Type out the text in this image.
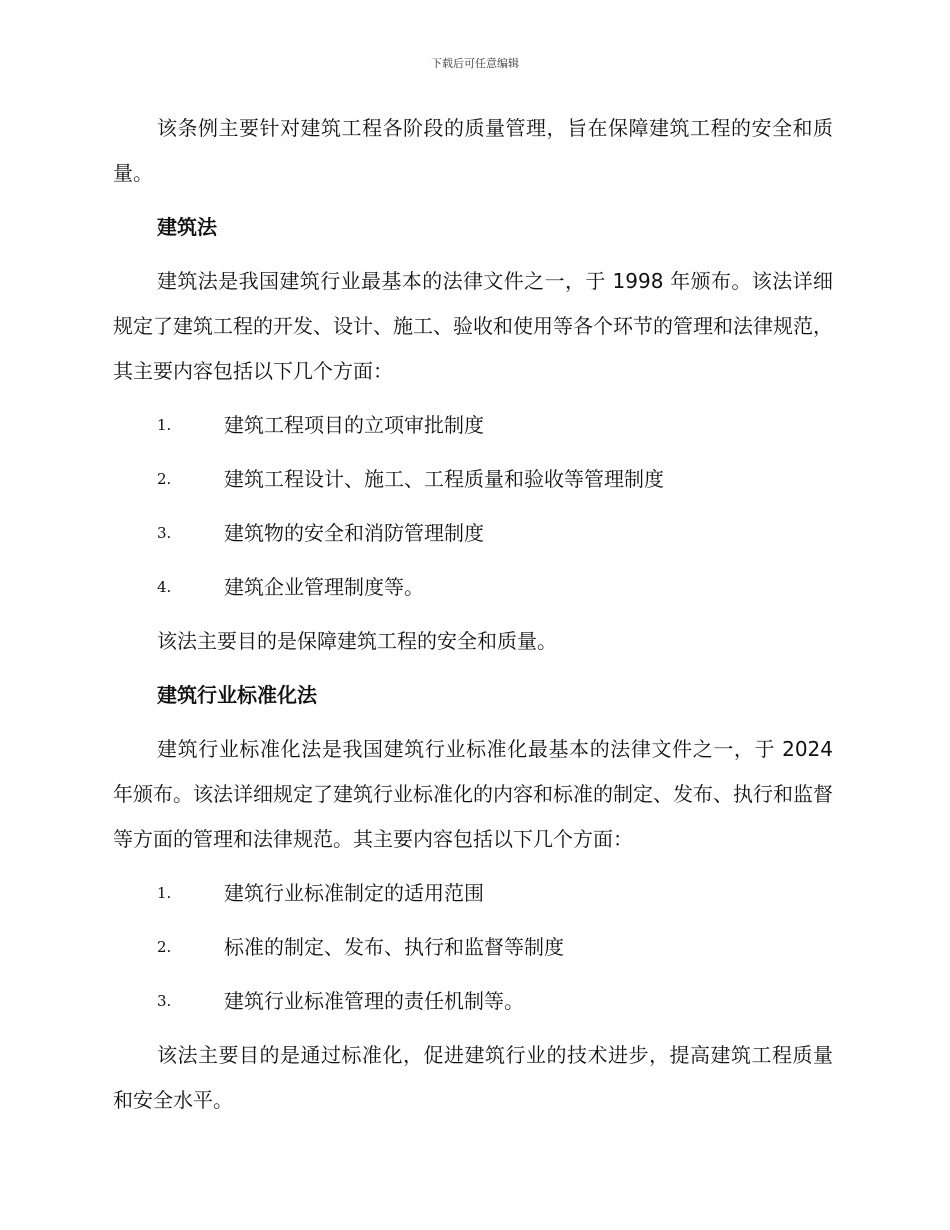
下载后可任意编辑

该条例主要针对建筑工程各阶段的质量管理，旨在保障建筑工程的安全和质量。

建筑法

建筑法是我国建筑行业最基本的法律文件之一，于 1998 年颁布。该法详细规定了建筑工程的开发、设计、施工、验收和使用等各个环节的管理和法律规范，其主要内容包括以下几个方面：

1.	建筑工程项目的立项审批制度
2.	建筑工程设计、施工、工程质量和验收等管理制度
3.	建筑物的安全和消防管理制度
4.	建筑企业管理制度等。

该法主要目的是保障建筑工程的安全和质量。

建筑行业标准化法

建筑行业标准化法是我国建筑行业标准化最基本的法律文件之一，于 2024 年颁布。该法详细规定了建筑行业标准化的内容和标准的制定、发布、执行和监督等方面的管理和法律规范。其主要内容包括以下几个方面：

1.	建筑行业标准制定的适用范围
2.	标准的制定、发布、执行和监督等制度
3.	建筑行业标准管理的责任机制等。

该法主要目的是通过标准化，促进建筑行业的技术进步，提高建筑工程质量和安全水平。
